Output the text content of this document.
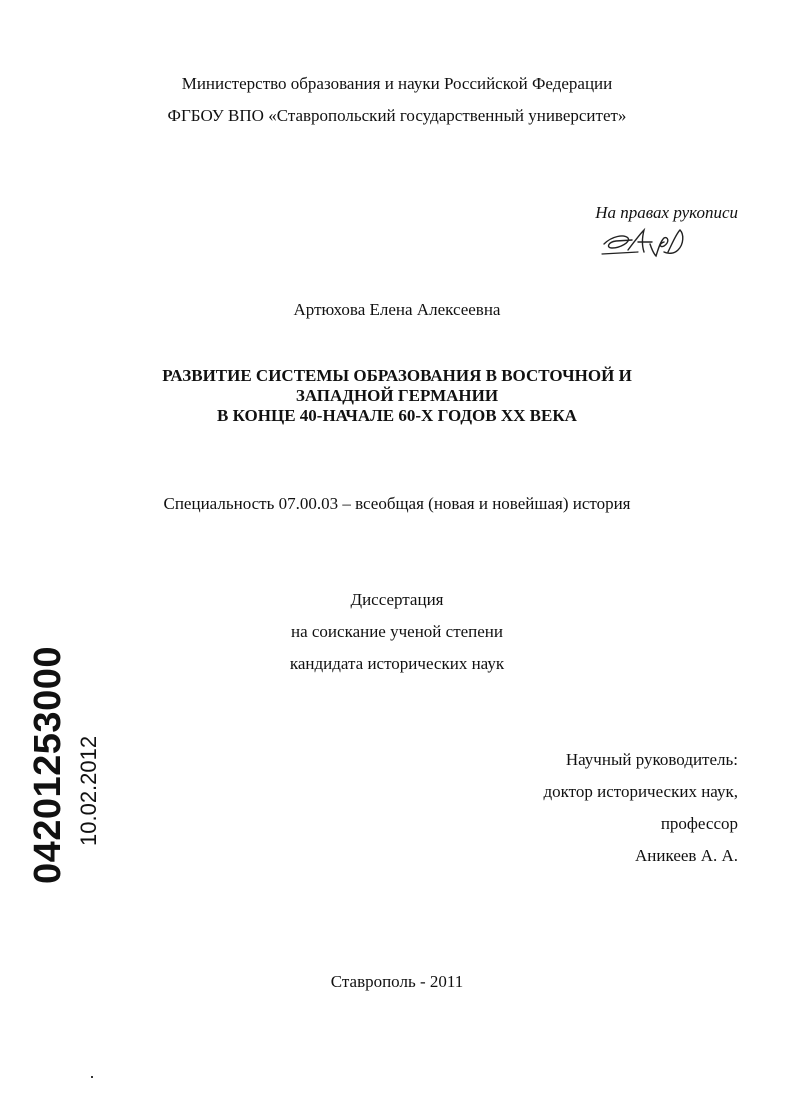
Министерство образования и науки Российской Федерации
ФГБОУ ВПО «Ставропольский государственный университет»
На правах рукописи
Артюхова Елена Алексеевна
РАЗВИТИЕ СИСТЕМЫ ОБРАЗОВАНИЯ В ВОСТОЧНОЙ И
ЗАПАДНОЙ ГЕРМАНИИ
В КОНЦЕ 40-НАЧАЛЕ 60-Х ГОДОВ ХХ ВЕКА
Специальность 07.00.03 – всеобщая (новая и новейшая) история
Диссертация
на соискание ученой степени
кандидата исторических наук
Научный руководитель:
доктор исторических наук,
профессор
Аникеев А. А.
Ставрополь - 2011
04201253000 10.02.2012
